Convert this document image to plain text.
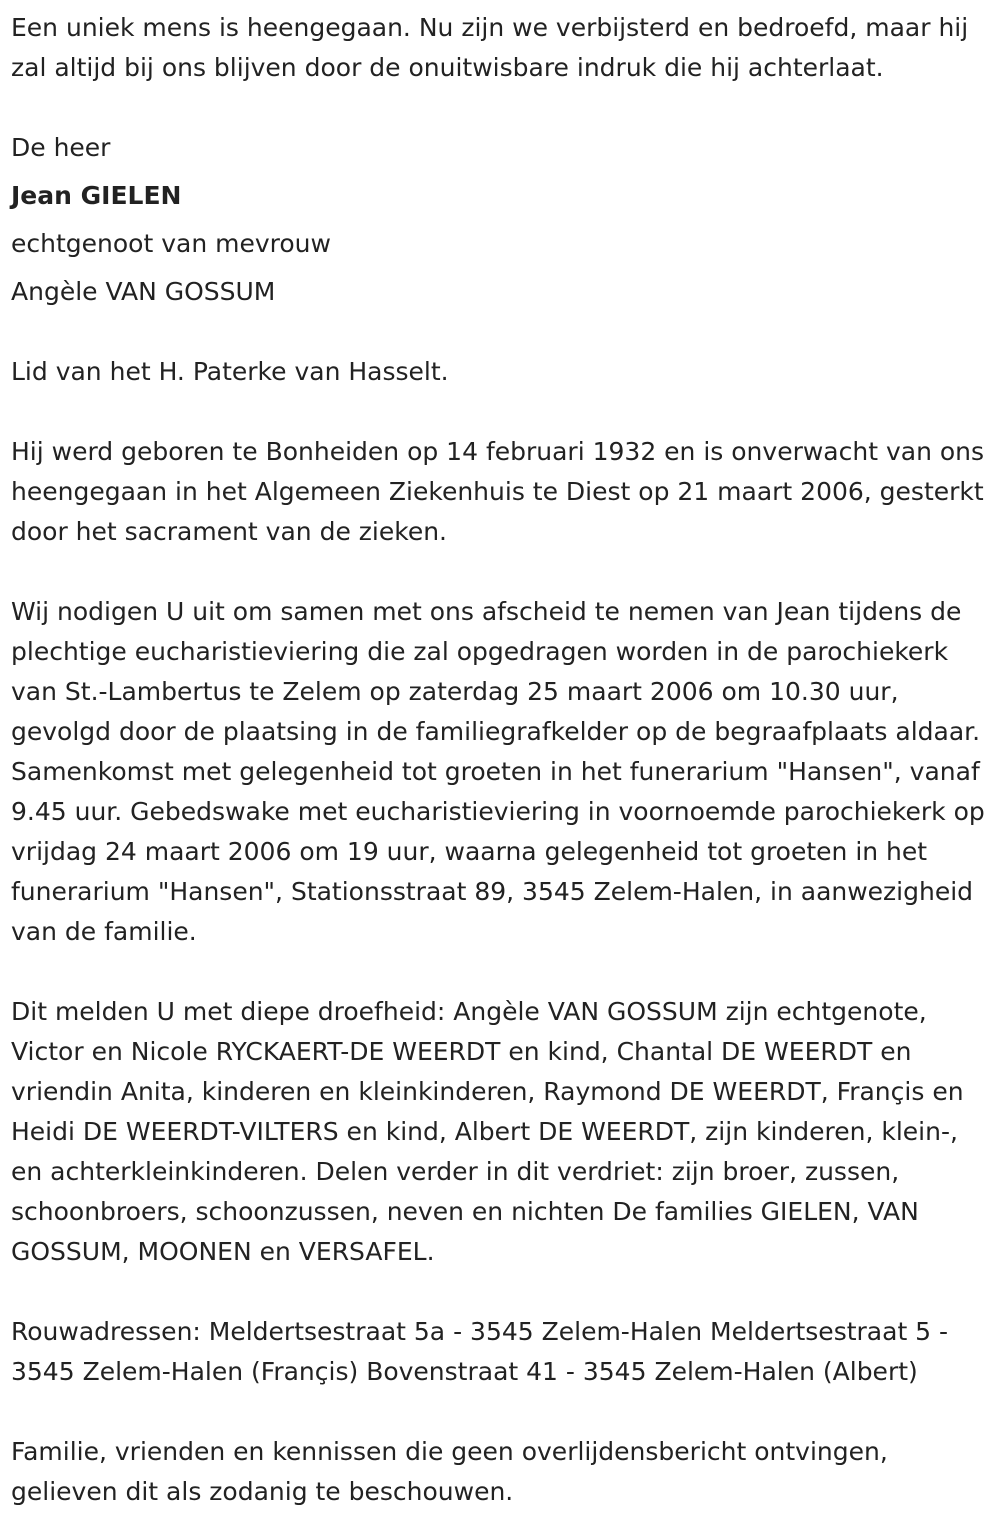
Een uniek mens is heengegaan. Nu zijn we verbijsterd en bedroefd, maar hij zal altijd bij ons blijven door de onuitwisbare indruk die hij achterlaat.

De heer

Jean GIELEN

echtgenoot van mevrouw

Angèle VAN GOSSUM

Lid van het H. Paterke van Hasselt.

Hij werd geboren te Bonheiden op 14 februari 1932 en is onverwacht van ons heengegaan in het Algemeen Ziekenhuis te Diest op 21 maart 2006, gesterkt door het sacrament van de zieken.

Wij nodigen U uit om samen met ons afscheid te nemen van Jean tijdens de plechtige eucharistieviering die zal opgedragen worden in de parochiekerk van St.-Lambertus te Zelem op zaterdag 25 maart 2006 om 10.30 uur, gevolgd door de plaatsing in de familiegrafkelder op de begraafplaats aldaar. Samenkomst met gelegenheid tot groeten in het funerarium "Hansen", vanaf 9.45 uur. Gebedswake met eucharistieviering in voornoemde parochiekerk op vrijdag 24 maart 2006 om 19 uur, waarna gelegenheid tot groeten in het funerarium "Hansen", Stationsstraat 89, 3545 Zelem-Halen, in aanwezigheid van de familie.

Dit melden U met diepe droefheid: Angèle VAN GOSSUM zijn echtgenote, Victor en Nicole RYCKAERT-DE WEERDT en kind, Chantal DE WEERDT en vriendin Anita, kinderen en kleinkinderen, Raymond DE WEERDT, Françis en Heidi DE WEERDT-VILTERS en kind, Albert DE WEERDT, zijn kinderen, klein-, en achterkleinkinderen. Delen verder in dit verdriet: zijn broer, zussen, schoonbroers, schoonzussen, neven en nichten De families GIELEN, VAN GOSSUM, MOONEN en VERSAFEL.

Rouwadressen: Meldertsestraat 5a - 3545 Zelem-Halen Meldertsestraat 5 - 3545 Zelem-Halen (Françis) Bovenstraat 41 - 3545 Zelem-Halen (Albert)

Familie, vrienden en kennissen die geen overlijdensbericht ontvingen, gelieven dit als zodanig te beschouwen.
